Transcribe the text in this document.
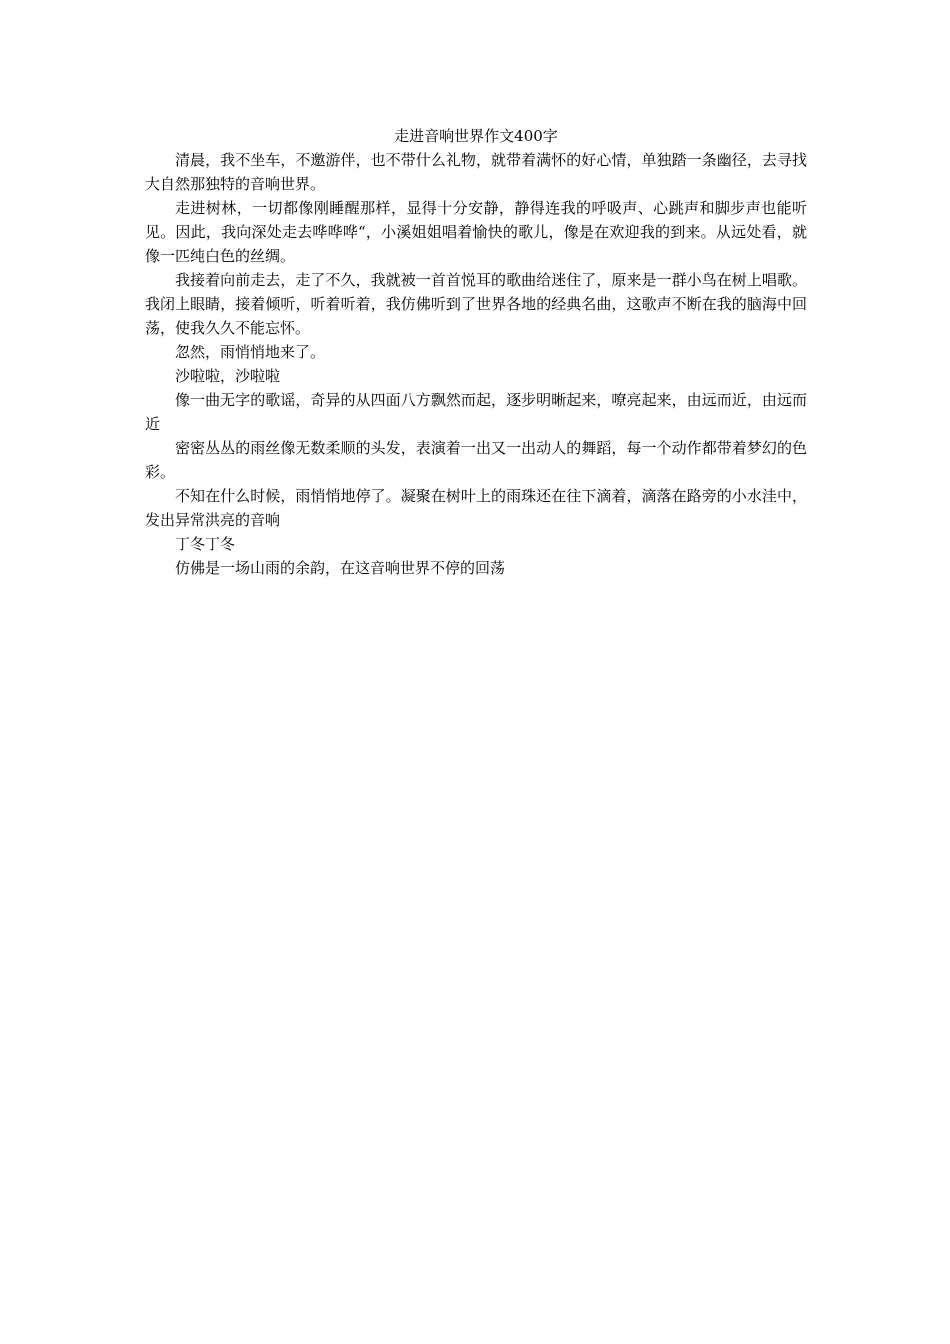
走进音响世界作文400字

清晨，我不坐车，不邀游伴，也不带什么礼物，就带着满怀的好心情，单独踏一条幽径，去寻找大自然那独特的音响世界。

走进树林，一切都像刚睡醒那样，显得十分安静，静得连我的呼吸声、心跳声和脚步声也能听见。因此，我向深处走去哗哗哗“，小溪姐姐唱着愉快的歌儿，像是在欢迎我的到来。从远处看，就像一匹纯白色的丝绸。

我接着向前走去，走了不久，我就被一首首悦耳的歌曲给迷住了，原来是一群小鸟在树上唱歌。我闭上眼睛，接着倾听，听着听着，我仿佛听到了世界各地的经典名曲，这歌声不断在我的脑海中回荡，使我久久不能忘怀。

忽然，雨悄悄地来了。

沙啦啦，沙啦啦

像一曲无字的歌谣，奇异的从四面八方飘然而起，逐步明晰起来，嘹亮起来，由远而近，由远而近

密密丛丛的雨丝像无数柔顺的头发，表演着一出又一出动人的舞蹈，每一个动作都带着梦幻的色彩。

不知在什么时候，雨悄悄地停了。凝聚在树叶上的雨珠还在往下滴着，滴落在路旁的小水洼中，发出异常洪亮的音响

丁冬丁冬

仿佛是一场山雨的余韵，在这音响世界不停的回荡
